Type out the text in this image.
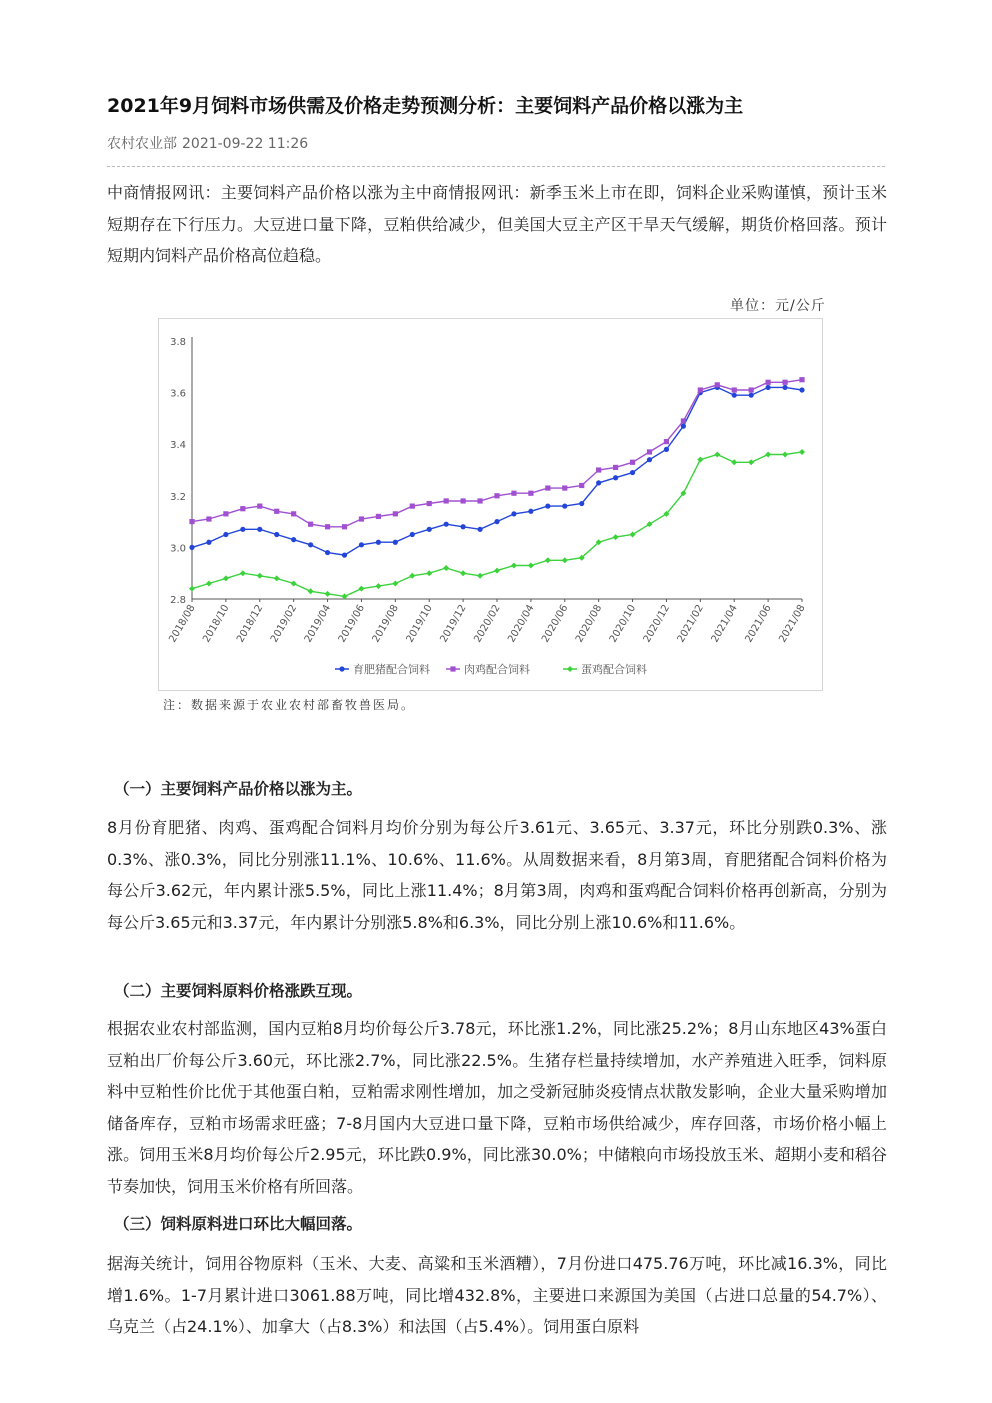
2021年9月饲料市场供需及价格走势预测分析：主要饲料产品价格以涨为主
农村农业部 2021-09-22 11:26

中商情报网讯：主要饲料产品价格以涨为主中商情报网讯：新季玉米上市在即，饲料企业采购谨慎，预计玉米短期存在下行压力。大豆进口量下降，豆粕供给减少，但美国大豆主产区干旱天气缓解，期货价格回落。预计短期内饲料产品价格高位趋稳。

单位：元/公斤
2.8
3.0
3.2
3.4
3.6
3.8
2018/08 2018/10 2018/12 2019/02 2019/04 2019/06 2019/08 2019/10 2019/12 2020/02 2020/04 2020/06 2020/08 2020/10 2020/12 2021/02 2021/04 2021/06 2021/08
育肥猪配合饲料	肉鸡配合饲料	蛋鸡配合饲料
注：数据来源于农业农村部畜牧兽医局。
（一）主要饲料产品价格以涨为主。

8月份育肥猪、肉鸡、蛋鸡配合饲料月均价分别为每公斤3.61元、3.65元、3.37元，环比分别跌0.3%、涨0.3%、涨0.3%，同比分别涨11.1%、10.6%、11.6%。从周数据来看，8月第3周，育肥猪配合饲料价格为每公斤3.62元，年内累计涨5.5%，同比上涨11.4%；8月第3周，肉鸡和蛋鸡配合饲料价格再创新高，分别为每公斤3.65元和3.37元，年内累计分别涨5.8%和6.3%，同比分别上涨10.6%和11.6%。

（二）主要饲料原料价格涨跌互现。

根据农业农村部监测，国内豆粕8月均价每公斤3.78元，环比涨1.2%，同比涨25.2%；8月山东地区43%蛋白豆粕出厂价每公斤3.60元，环比涨2.7%，同比涨22.5%。生猪存栏量持续增加，水产养殖进入旺季，饲料原料中豆粕性价比优于其他蛋白粕，豆粕需求刚性增加，加之受新冠肺炎疫情点状散发影响，企业大量采购增加储备库存，豆粕市场需求旺盛；7-8月国内大豆进口量下降，豆粕市场供给减少，库存回落，市场价格小幅上涨。饲用玉米8月均价每公斤2.95元，环比跌0.9%，同比涨30.0%；中储粮向市场投放玉米、超期小麦和稻谷节奏加快，饲用玉米价格有所回落。

（三）饲料原料进口环比大幅回落。

据海关统计，饲用谷物原料（玉米、大麦、高粱和玉米酒糟），7月份进口475.76万吨，环比减16.3%，同比增1.6%。1-7月累计进口3061.88万吨，同比增432.8%，主要进口来源国为美国（占进口总量的54.7%）、乌克兰（占24.1%）、加拿大（占8.3%）和法国（占5.4%）。饲用蛋白原料
